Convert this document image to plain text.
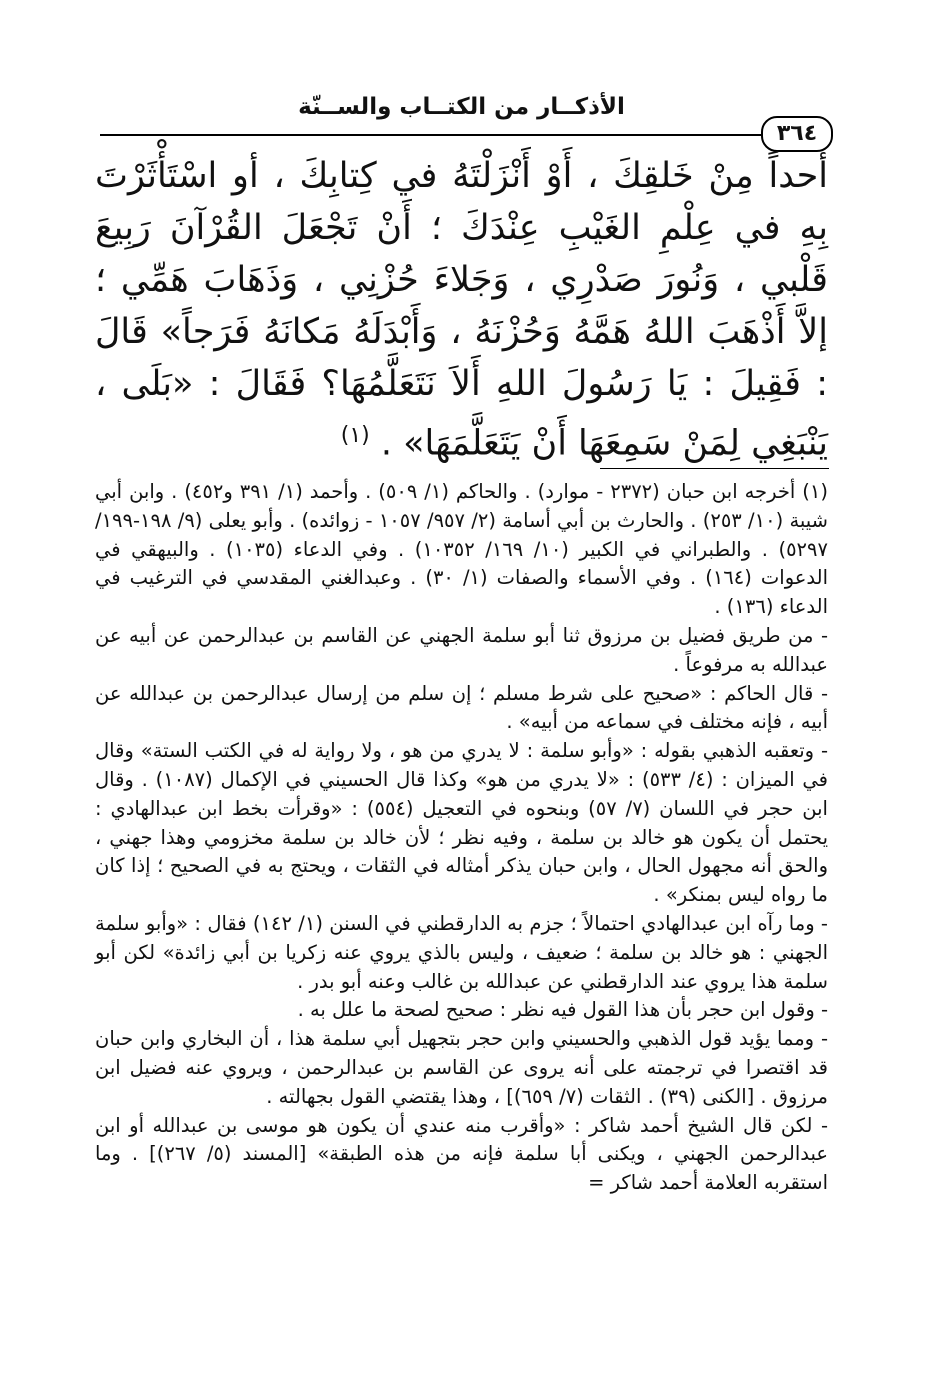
الأذكــار من الكتــاب والســنّة
٣٦٤

أحداً مِنْ خَلقِكَ ، أَوْ أَنْزَلْتَهُ في كِتابِكَ ، أو اسْتَأْثَرْتَ بِهِ في عِلْمِ الغَيْبِ عِنْدَكَ ؛ أَنْ تَجْعَلَ القُرْآنَ رَبِيعَ قَلْبي ، وَنُورَ صَدْرِي ، وَجَلاءَ حُزْنِي ، وَذَهَابَ هَمِّي ؛ إلاَّ أَذْهَبَ اللهُ هَمَّهُ وَحُزْنَهُ ، وَأَبْدَلَهُ مَكانَهُ فَرَجاً» قَالَ : فَقِيلَ : يَا رَسُولَ اللهِ أَلاَ نَتَعَلَّمُهَا؟ فَقَالَ : «بَلَى ، يَنْبَغِي لِمَنْ سَمِعَهَا أَنْ يَتَعَلَّمَهَا» . $^{(١)}$

(١) أخرجه ابن حبان (٢٣٧٢ - موارد) . والحاكم (١/ ٥٠٩) . وأحمد (١/ ٣٩١ و٤٥٢) . وابن أبي شيبة (١٠/ ٢٥٣) . والحارث بن أبي أسامة (٢/ ٩٥٧/ ١٠٥٧ - زوائده) . وأبو يعلى (٩/ ١٩٨-١٩٩/ ٥٢٩٧) . والطبراني في الكبير (١٠/ ١٦٩/ ١٠٣٥٢) . وفي الدعاء (١٠٣٥) . والبيهقي في الدعوات (١٦٤) . وفي الأسماء والصفات (١/ ٣٠) . وعبدالغني المقدسي في الترغيب في الدعاء (١٣٦) .

- من طريق فضيل بن مرزوق ثنا أبو سلمة الجهني عن القاسم بن عبدالرحمن عن أبيه عن عبدالله به مرفوعاً .

- قال الحاكم : «صحيح على شرط مسلم ؛ إن سلم من إرسال عبدالرحمن بن عبدالله عن أبيه ، فإنه مختلف في سماعه من أبيه» .

- وتعقبه الذهبي بقوله : «وأبو سلمة : لا يدري من هو ، ولا رواية له في الكتب الستة» وقال في الميزان : (٤/ ٥٣٣) : «لا يدري من هو» وكذا قال الحسيني في الإكمال (١٠٨٧) . وقال ابن حجر في اللسان (٧/ ٥٧) وبنحوه في التعجيل (٥٥٤) : «وقرأت بخط ابن عبدالهادي : يحتمل أن يكون هو خالد بن سلمة ، وفيه نظر ؛ لأن خالد بن سلمة مخزومي وهذا جهني ، والحق أنه مجهول الحال ، وابن حبان يذكر أمثاله في الثقات ، ويحتج به في الصحيح ؛ إذا كان ما رواه ليس بمنكر» .

- وما رآه ابن عبدالهادي احتمالاً ؛ جزم به الدارقطني في السنن (١/ ١٤٢) فقال : «وأبو سلمة الجهني : هو خالد بن سلمة ؛ ضعيف ، وليس بالذي يروي عنه زكريا بن أبي زائدة» لكن أبو سلمة هذا يروي عند الدارقطني عن عبدالله بن غالب وعنه أبو بدر .

- وقول ابن حجر بأن هذا القول فيه نظر : صحيح لصحة ما علل به .

- ومما يؤيد قول الذهبي والحسيني وابن حجر بتجهيل أبي سلمة هذا ، أن البخاري وابن حبان قد اقتصرا في ترجمته على أنه يروى عن القاسم بن عبدالرحمن ، ويروي عنه فضيل ابن مرزوق . [الكنى (٣٩) . الثقات (٧/ ٦٥٩)] ، وهذا يقتضي القول بجهالته .

- لكن قال الشيخ أحمد شاكر : «وأقرب منه عندي أن يكون هو موسى بن عبدالله أو ابن عبدالرحمن الجهني ، ويكنى أبا سلمة فإنه من هذه الطبقة» [المسند (٥/ ٢٦٧)] . وما استقربه العلامة أحمد شاكر =
